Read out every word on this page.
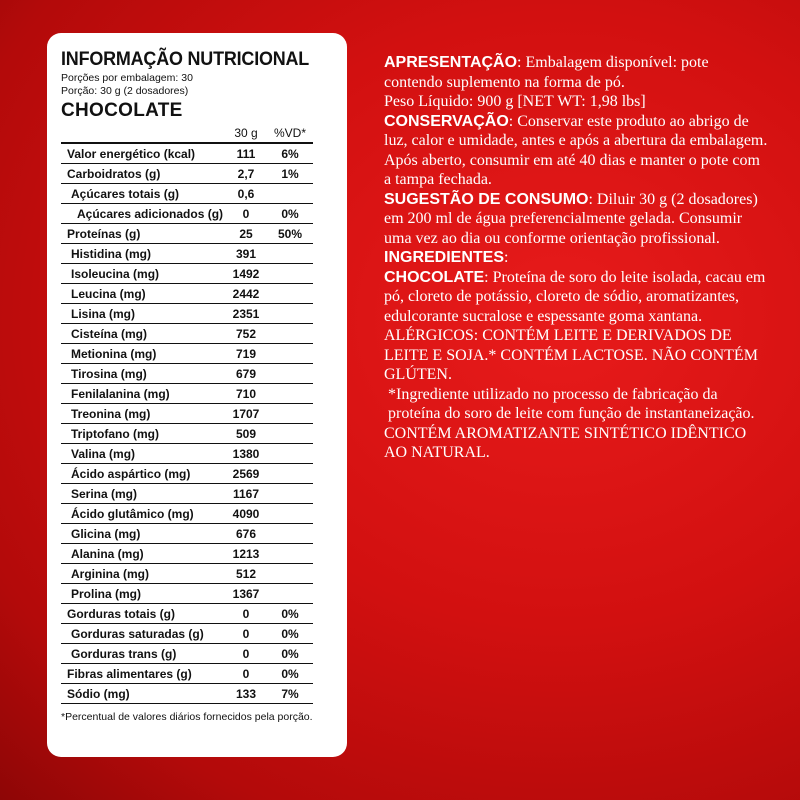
INFORMAÇÃO NUTRICIONAL
Porções por embalagem: 30
Porção: 30 g (2 dosadores)
CHOCOLATE
	30 g	%VD*
Valor energético (kcal)	111	6%
Carboidratos (g)	2,7	1%
Açúcares totais (g)	0,6	
Açúcares adicionados (g)	0	0%
Proteínas (g)	25	50%
Histidina (mg)	391	
Isoleucina (mg)	1492	
Leucina (mg)	2442	
Lisina (mg)	2351	
Cisteína (mg)	752	
Metionina (mg)	719	
Tirosina (mg)	679	
Fenilalanina (mg)	710	
Treonina (mg)	1707	
Triptofano (mg)	509	
Valina (mg)	1380	
Ácido aspártico (mg)	2569	
Serina (mg)	1167	
Ácido glutâmico (mg)	4090	
Glicina (mg)	676	
Alanina (mg)	1213	
Arginina (mg)	512	
Prolina (mg)	1367	
Gorduras totais (g)	0	0%
Gorduras saturadas (g)	0	0%
Gorduras trans (g)	0	0%
Fibras alimentares (g)	0	0%
Sódio (mg)	133	7%
*Percentual de valores diários fornecidos pela porção.

APRESENTAÇÃO: Embalagem disponível: pote contendo suplemento na forma de pó.
Peso Líquido: 900 g [NET WT: 1,98 lbs]

CONSERVAÇÃO: Conservar este produto ao abrigo de luz, calor e umidade, antes e após a abertura da embalagem. Após aberto, consumir em até 40 dias e manter o pote com a tampa fechada.

SUGESTÃO DE CONSUMO: Diluir 30 g (2 dosadores) em 200 ml de água preferencialmente gelada. Consumir uma vez ao dia ou conforme orientação profissional.

INGREDIENTES:

CHOCOLATE: Proteína de soro do leite isolada, cacau em pó, cloreto de potássio, cloreto de sódio, aromatizantes, edulcorante sucralose e espessante goma xantana.

ALÉRGICOS: CONTÉM LEITE E DERIVADOS DE LEITE E SOJA.* CONTÉM LACTOSE. NÃO CONTÉM GLÚTEN.

*Ingrediente utilizado no processo de fabricação da proteína do soro de leite com função de instantaneização.

CONTÉM AROMATIZANTE SINTÉTICO IDÊNTICO AO NATURAL.
